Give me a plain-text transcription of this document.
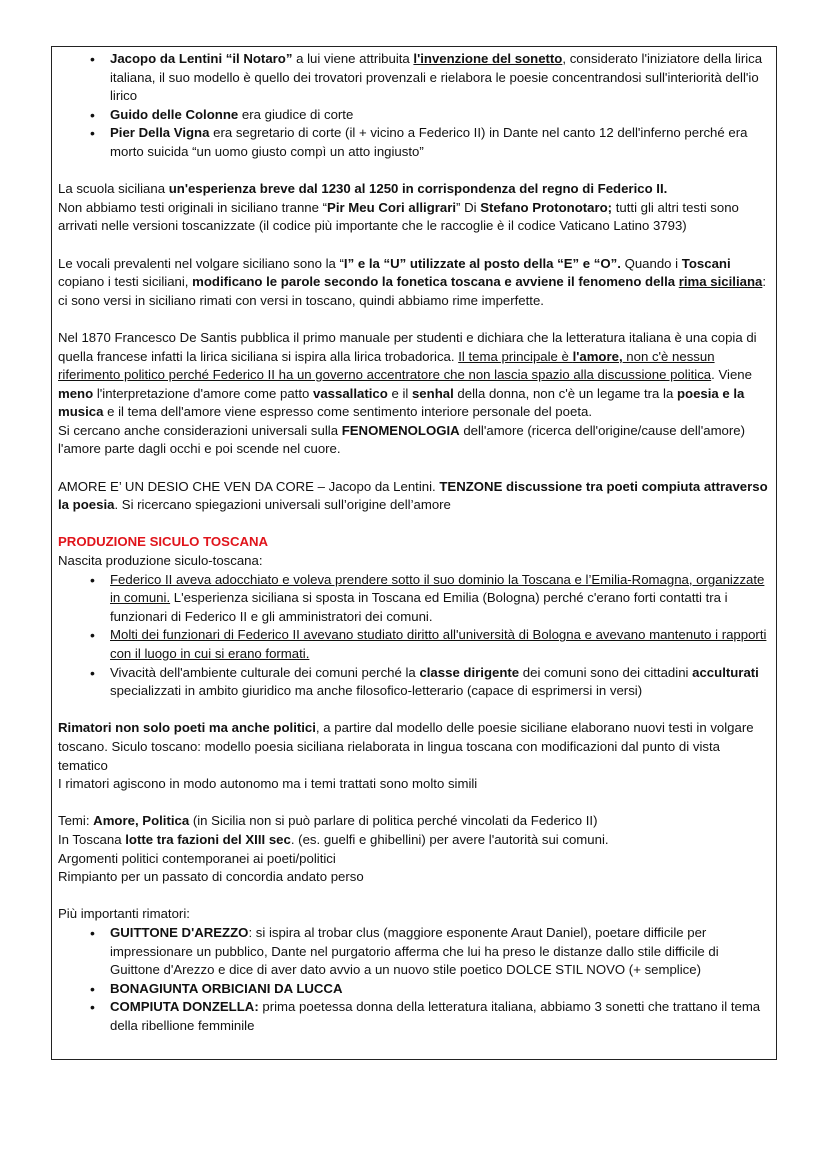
• Jacopo da Lentini “il Notaro” a lui viene attribuita l'invenzione del sonetto, considerato l'iniziatore della lirica italiana, il suo modello è quello dei trovatori provenzali e rielabora le poesie concentrandosi sull'interiorità dell'io lirico
• Guido delle Colonne era giudice di corte
• Pier Della Vigna era segretario di corte (il + vicino a Federico II) in Dante nel canto 12 dell'inferno perché era morto suicida “un uomo giusto compì un atto ingiusto”

La scuola siciliana un'esperienza breve dal 1230 al 1250 in corrispondenza del regno di Federico II.
Non abbiamo testi originali in siciliano tranne “Pir Meu Cori alligrari” Di Stefano Protonotaro; tutti gli altri testi sono arrivati nelle versioni toscanizzate (il codice più importante che le raccoglie è il codice Vaticano Latino 3793)

Le vocali prevalenti nel volgare siciliano sono la “I” e la “U” utilizzate al posto della “E” e “O”. Quando i Toscani copiano i testi siciliani, modificano le parole secondo la fonetica toscana e avviene il fenomeno della rima siciliana: ci sono versi in siciliano rimati con versi in toscano, quindi abbiamo rime imperfette.

Nel 1870 Francesco De Santis pubblica il primo manuale per studenti e dichiara che la letteratura italiana è una copia di quella francese infatti la lirica siciliana si ispira alla lirica trobadorica. Il tema principale è l'amore, non c'è nessun riferimento politico perché Federico II ha un governo accentratore che non lascia spazio alla discussione politica. Viene meno l'interpretazione d'amore come patto vassallatico e il senhal della donna, non c'è un legame tra la poesia e la musica e il tema dell'amore viene espresso come sentimento interiore personale del poeta.
Si cercano anche considerazioni universali sulla FENOMENOLOGIA dell'amore (ricerca dell'origine/cause dell'amore) l'amore parte dagli occhi e poi scende nel cuore.

AMORE E’ UN DESIO CHE VEN DA CORE – Jacopo da Lentini. TENZONE discussione tra poeti compiuta attraverso la poesia. Si ricercano spiegazioni universali sull’origine dell’amore

PRODUZIONE SICULO TOSCANA
Nascita produzione siculo-toscana:
• Federico II aveva adocchiato e voleva prendere sotto il suo dominio la Toscana e l’Emilia-Romagna, organizzate in comuni. L'esperienza siciliana si sposta in Toscana ed Emilia (Bologna) perché c'erano forti contatti tra i funzionari di Federico II e gli amministratori dei comuni.
• Molti dei funzionari di Federico II avevano studiato diritto all'università di Bologna e avevano mantenuto i rapporti con il luogo in cui si erano formati.
• Vivacità dell'ambiente culturale dei comuni perché la classe dirigente dei comuni sono dei cittadini acculturati specializzati in ambito giuridico ma anche filosofico-letterario (capace di esprimersi in versi)

Rimatori non solo poeti ma anche politici, a partire dal modello delle poesie siciliane elaborano nuovi testi in volgare toscano. Siculo toscano: modello poesia siciliana rielaborata in lingua toscana con modificazioni dal punto di vista tematico
I rimatori agiscono in modo autonomo ma i temi trattati sono molto simili

Temi: Amore, Politica (in Sicilia non si può parlare di politica perché vincolati da Federico II)
In Toscana lotte tra fazioni del XIII sec. (es. guelfi e ghibellini) per avere l'autorità sui comuni.
Argomenti politici contemporanei ai poeti/politici
Rimpianto per un passato di concordia andato perso

Più importanti rimatori:
• GUITTONE D'AREZZO: si ispira al trobar clus (maggiore esponente Araut Daniel), poetare difficile per impressionare un pubblico, Dante nel purgatorio afferma che lui ha preso le distanze dallo stile difficile di Guittone d'Arezzo e dice di aver dato avvio a un nuovo stile poetico DOLCE STIL NOVO (+ semplice)
• BONAGIUNTA ORBICIANI DA LUCCA
• COMPIUTA DONZELLA: prima poetessa donna della letteratura italiana, abbiamo 3 sonetti che trattano il tema della ribellione femminile
